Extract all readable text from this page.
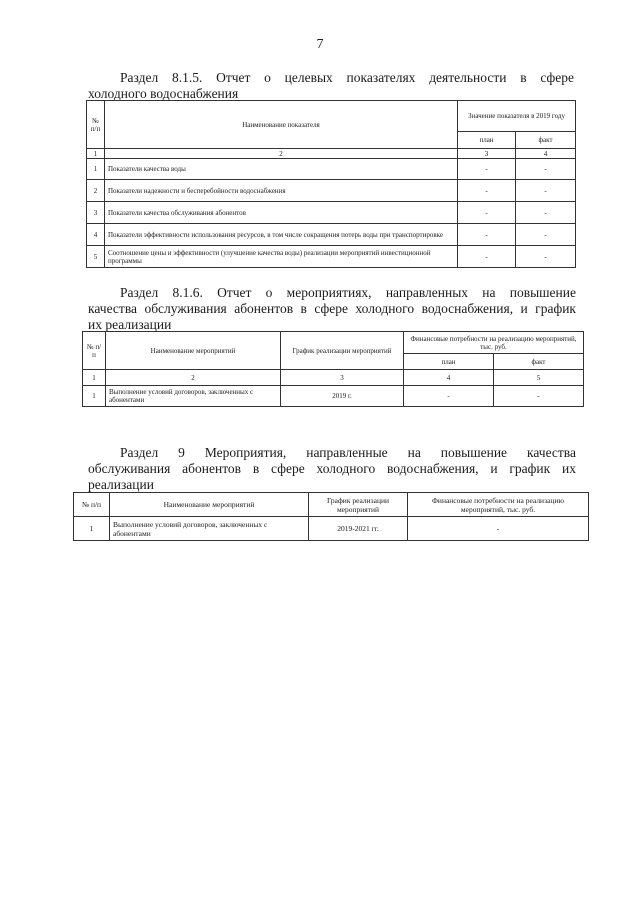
7
Раздел 8.1.5. Отчет о целевых показателях деятельности в сфере
холодного водоснабжения
№ п/п	Наименование показателя	Значение показателя в 2019 году	
		план	факт
1	2	3	4
1	Показатели качества воды	-	-
2	Показатели надежности и бесперебойности водоснабжения	-	-
3	Показатели качества обслуживания абонентов	-	-
4	Показатели эффективности использования ресурсов, в том числе сокращения потерь воды при транспортировке	-	-
5	Соотношение цены и эффективности (улучшение качества воды) реализации мероприятий инвестиционной программы	-	-
Раздел 8.1.6. Отчет о мероприятиях, направленных на повышение
качества обслуживания абонентов в сфере холодного водоснабжения, и график
их реализации
№ п/п	Наименование мероприятий	График реализации мероприятий	Финансовые потребности на реализацию мероприятий, тыс. руб.	
			план	факт
1	2	3	4	5
1	Выполнение условий договоров, заключенных с абонентами	2019 г.	-	-
Раздел 9 Мероприятия, направленные на повышение качества
обслуживания абонентов в сфере холодного водоснабжения, и график их
реализации
№ п/п	Наименование мероприятий	График реализации мероприятий	Финансовые потребности на реализацию мероприятий, тыс. руб.
1	Выполнение условий договоров, заключенных с абонентами	2019-2021 гг.	-
